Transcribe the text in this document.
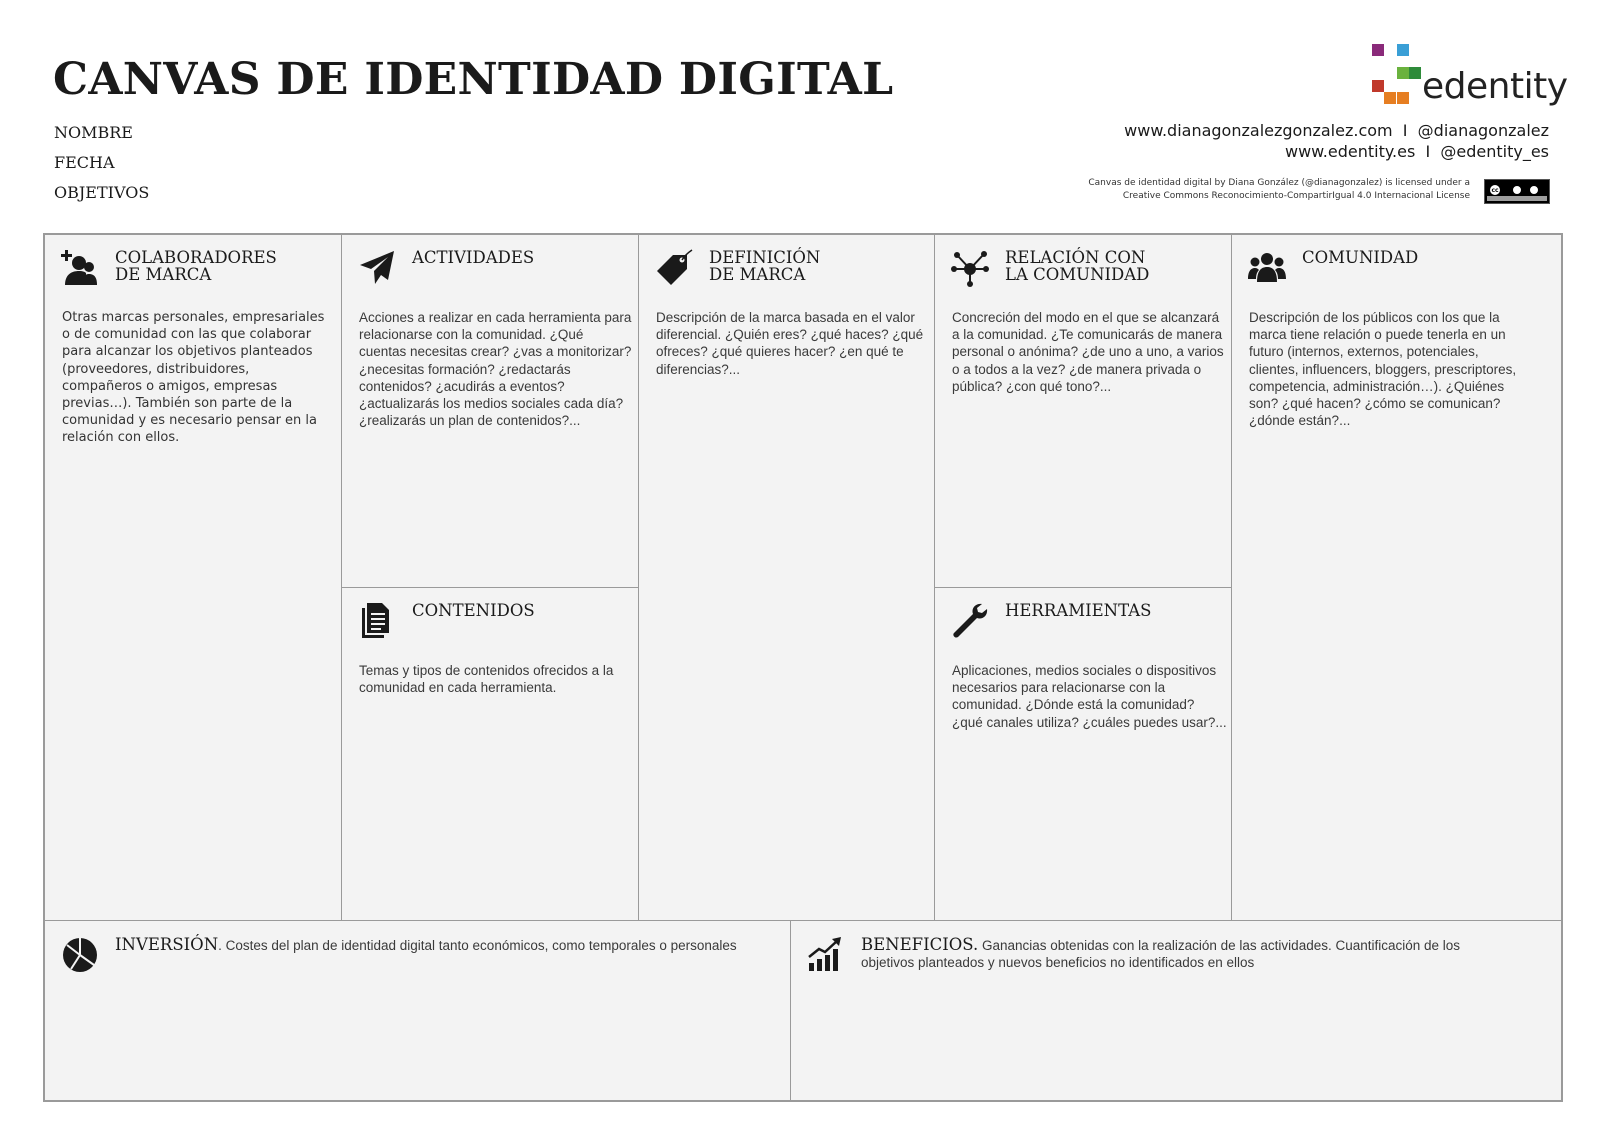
CANVAS DE IDENTIDAD DIGITAL
NOMBRE
FECHA
OBJETIVOS
edentity
www.dianagonzalezgonzalez.com  I  @dianagonzalez
www.edentity.es  I  @edentity_es
Canvas de identidad digital by Diana González (@dianagonzalez) is licensed under a
Creative Commons Reconocimiento-CompartirIgual 4.0 Internacional License
cc
COLABORADORES
DE MARCA
Otras marcas personales, empresariales o de comunidad con las que colaborar para alcanzar los objetivos planteados (proveedores, distribuidores, compañeros o amigos, empresas previas…). También son parte de la comunidad y es necesario pensar en la relación con ellos.
ACTIVIDADES
Acciones a realizar en cada herramienta para relacionarse con la comunidad. ¿Qué cuentas necesitas crear? ¿vas a monitorizar? ¿necesitas formación? ¿redactarás contenidos? ¿acudirás a eventos? ¿actualizarás los medios sociales cada día? ¿realizarás un plan de contenidos?...
CONTENIDOS
Temas y tipos de contenidos ofrecidos a la comunidad en cada herramienta.
DEFINICIÓN
DE MARCA
Descripción de la marca basada en el valor diferencial. ¿Quién eres? ¿qué haces? ¿qué ofreces? ¿qué quieres hacer? ¿en qué te diferencias?...
RELACIÓN CON
LA COMUNIDAD
Concreción del modo en el que se alcanzará a la comunidad. ¿Te comunicarás de manera personal o anónima? ¿de uno a uno, a varios o a todos a la vez? ¿de manera privada o pública? ¿con qué tono?...
HERRAMIENTAS
Aplicaciones, medios sociales o dispositivos necesarios para relacionarse con la comunidad. ¿Dónde está la comunidad? ¿qué canales utiliza? ¿cuáles puedes usar?...
COMUNIDAD
Descripción de los públicos con los que la marca tiene relación o puede tenerla en un futuro (internos, externos, potenciales, clientes, influencers, bloggers, prescriptores, competencia, administración…). ¿Quiénes son? ¿qué hacen? ¿cómo se comunican? ¿dónde están?...
INVERSIÓN. Costes del plan de identidad digital tanto económicos, como temporales o personales	BENEFICIOS. Ganancias obtenidas con la realización de las actividades. Cuantificación de los objetivos planteados y nuevos beneficios no identificados en ellos
